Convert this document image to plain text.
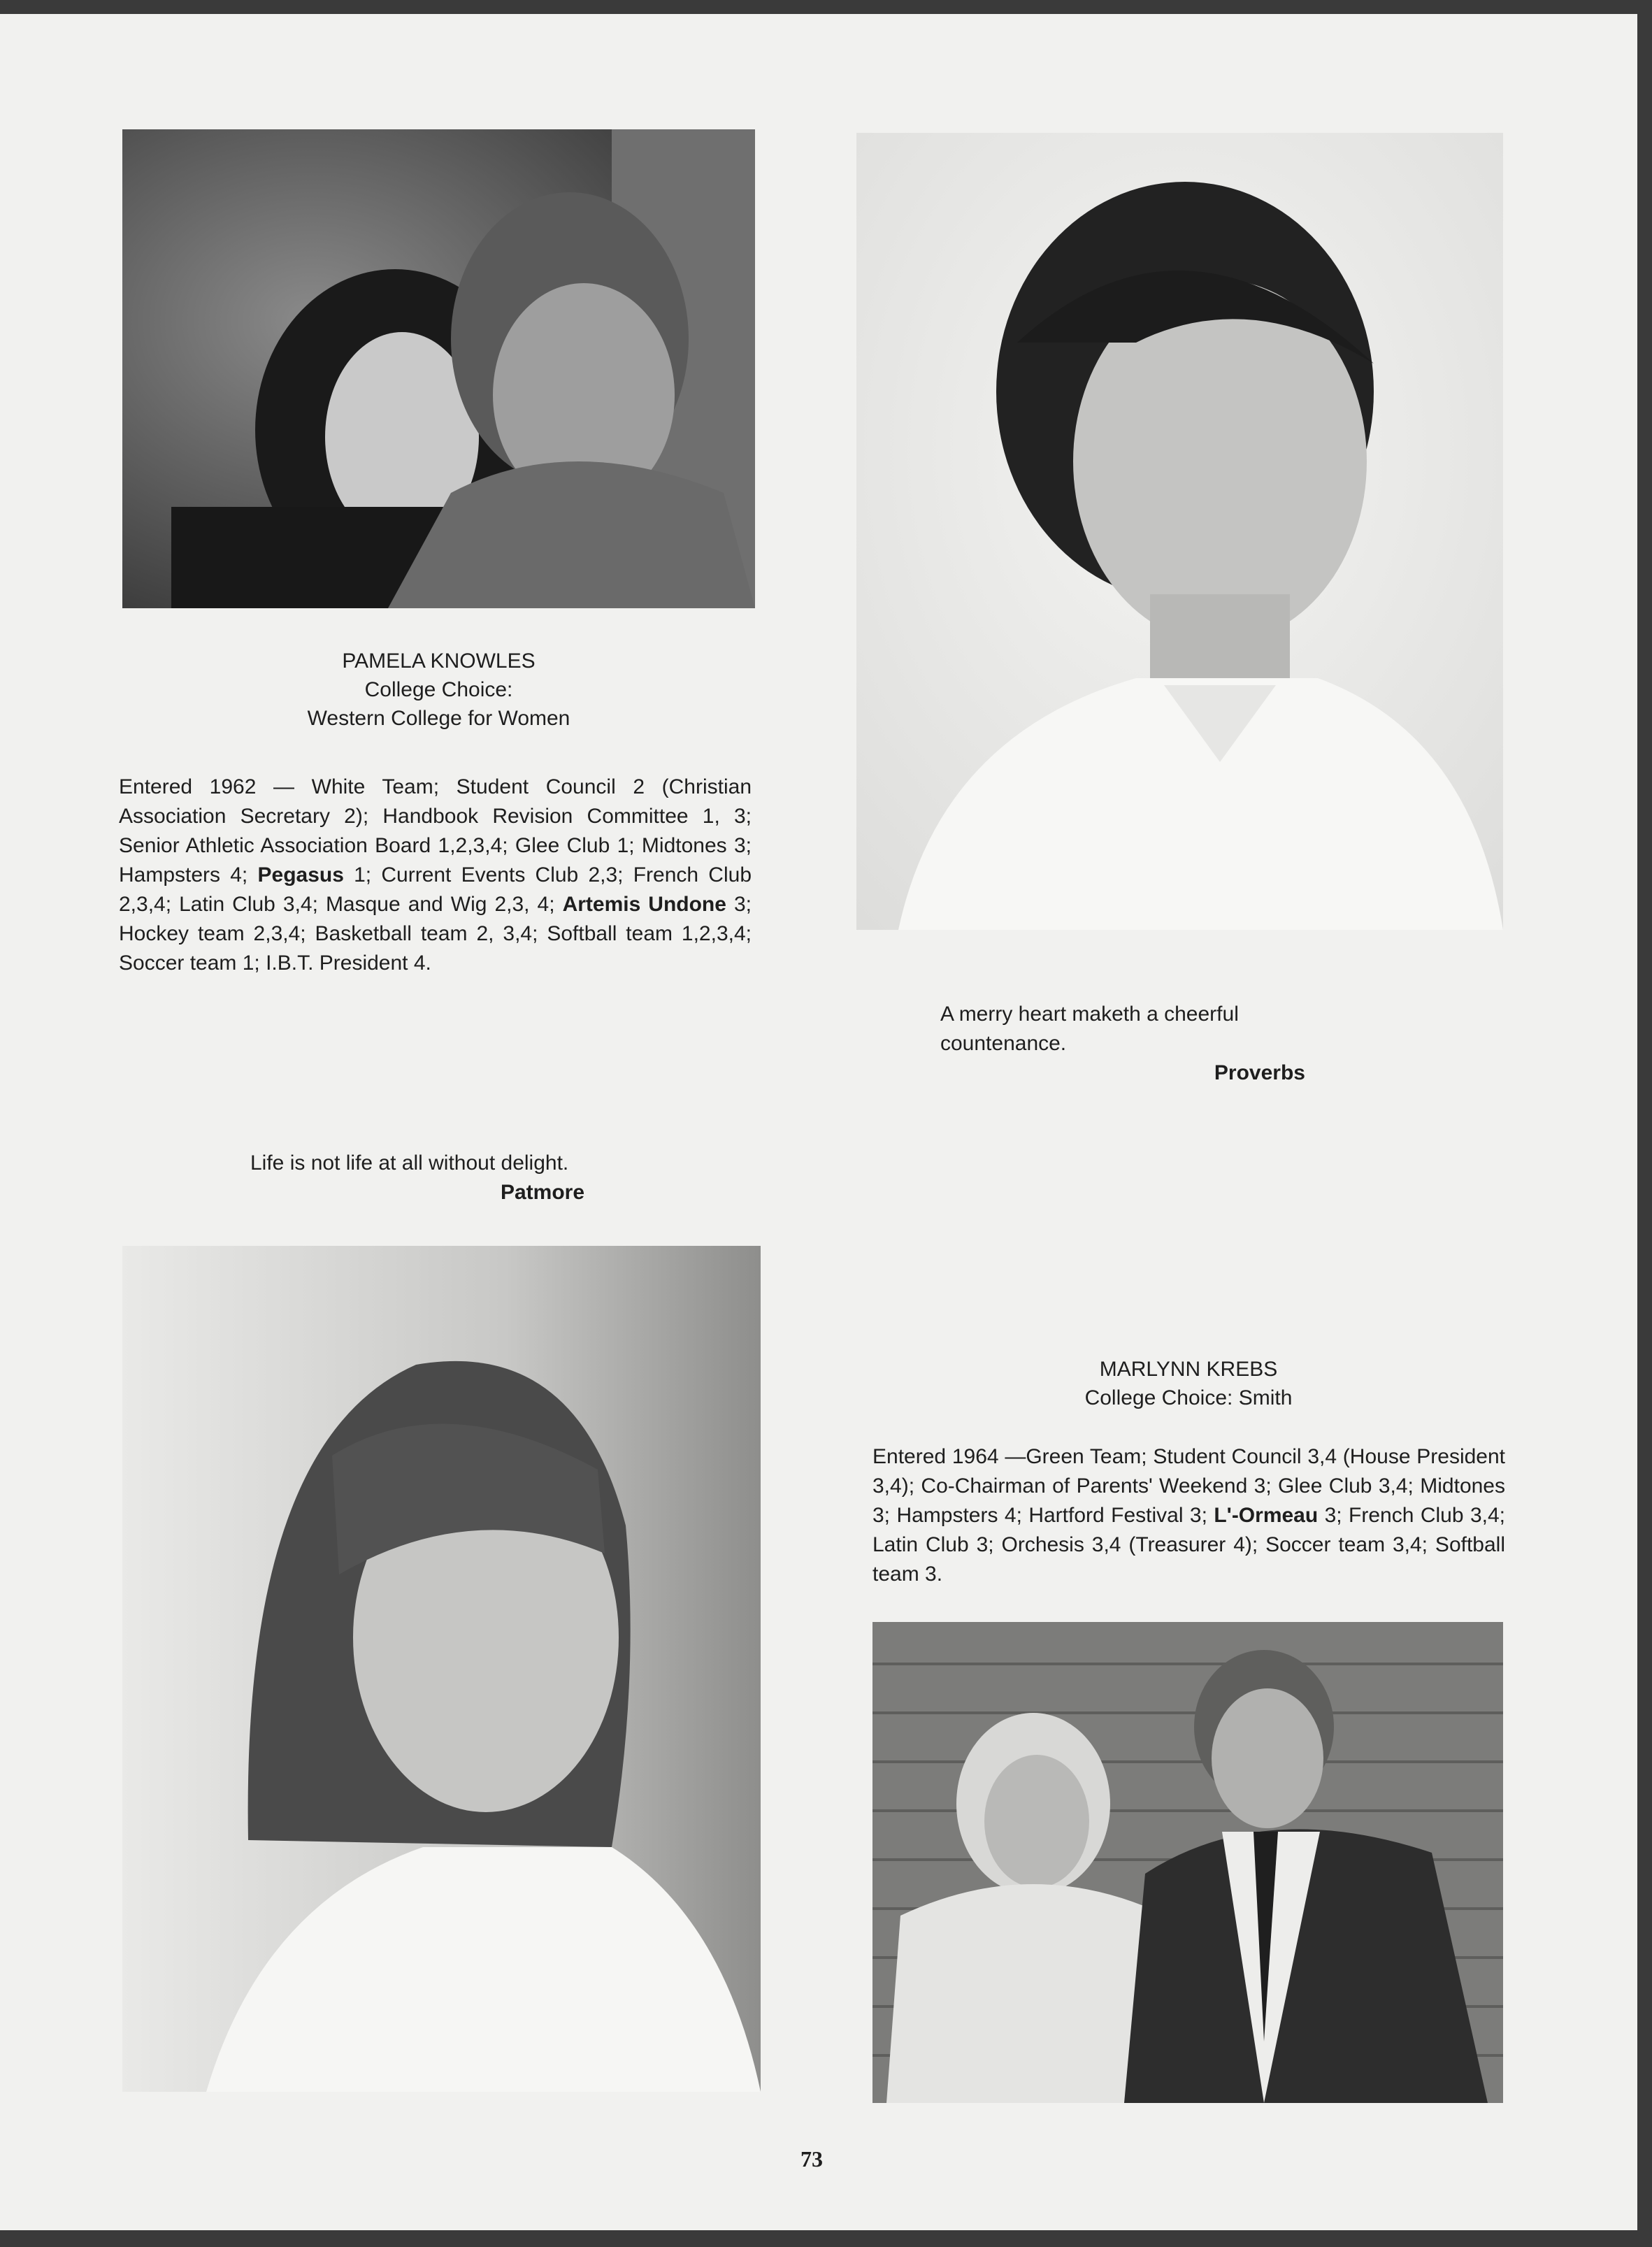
PAMELA KNOWLES
College Choice:
Western College for Women
Entered 1962 — White Team; Student Council 2 (Christian Association Secretary 2); Handbook Revision Committee 1, 3; Senior Athletic Association Board 1,2,3,4; Glee Club 1; Midtones 3; Hampsters 4; Pegasus 1; Current Events Club 2,3; French Club 2,3,4; Latin Club 3,4; Masque and Wig 2,3, 4; Artemis Undone 3; Hockey team 2,3,4; Basketball team 2, 3,4; Softball team 1,2,3,4; Soccer team 1; I.B.T. President 4.
A merry heart maketh a cheerful countenance.
Proverbs
Life is not life at all without delight.
Patmore
MARLYNN KREBS
College Choice: Smith
Entered 1964 —Green Team; Student Council 3,4 (House President 3,4); Co-Chairman of Parents' Weekend 3; Glee Club 3,4; Midtones 3; Hampsters 4; Hartford Festival 3; L'-Ormeau 3; French Club 3,4; Latin Club 3; Orchesis 3,4 (Treasurer 4); Soccer team 3,4; Softball team 3.
73
